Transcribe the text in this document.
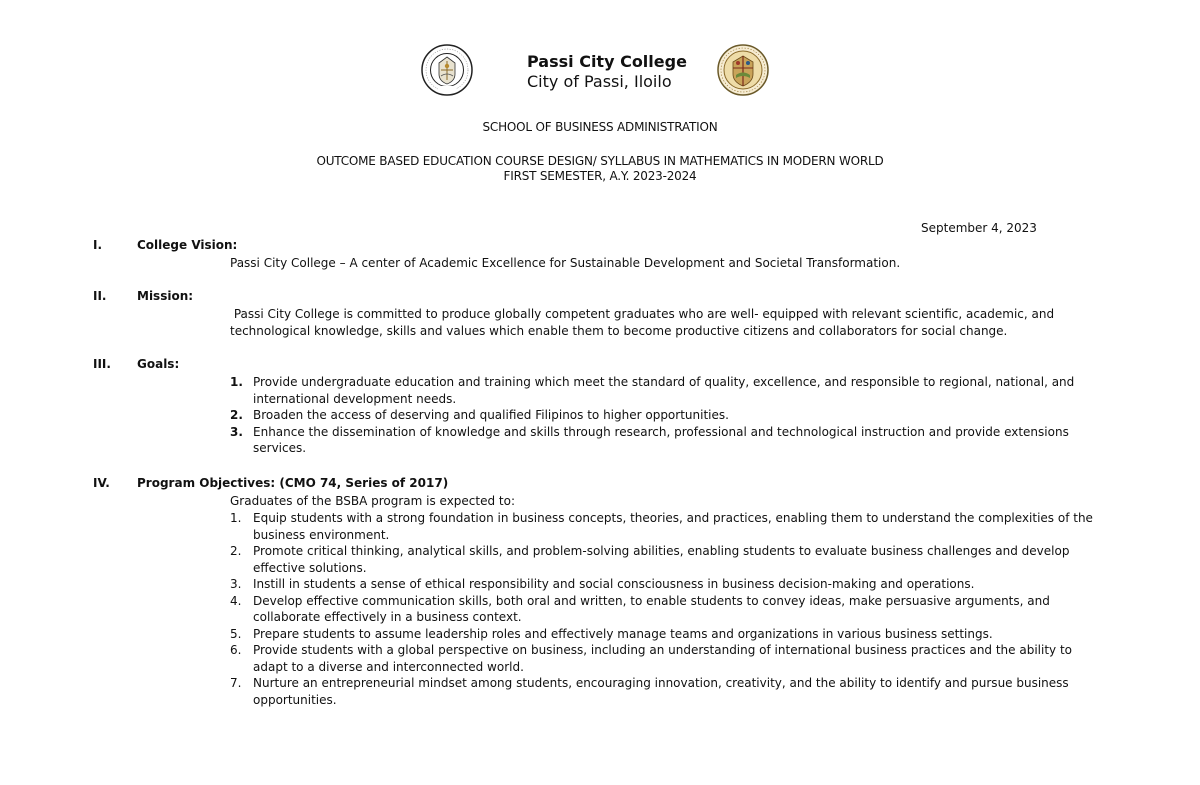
Passi City College
City of Passi, Iloilo
SCHOOL OF BUSINESS ADMINISTRATION
OUTCOME BASED EDUCATION COURSE DESIGN/ SYLLABUS IN MATHEMATICS IN MODERN WORLD
FIRST SEMESTER, A.Y. 2023-2024
September 4, 2023
I.	College Vision:
Passi City College – A center of Academic Excellence for Sustainable Development and Societal Transformation.
II.	Mission:
Passi City College is committed to produce globally competent graduates who are well- equipped with relevant scientific, academic, and technological knowledge, skills and values which enable them to become productive citizens and collaborators for social change.
III. Goals:
1. Provide undergraduate education and training which meet the standard of quality, excellence, and responsible to regional, national, and international development needs.
2. Broaden the access of deserving and qualified Filipinos to higher opportunities.
3. Enhance the dissemination of knowledge and skills through research, professional and technological instruction and provide extensions services.
IV. Program Objectives: (CMO 74, Series of 2017)
Graduates of the BSBA program is expected to:
1. Equip students with a strong foundation in business concepts, theories, and practices, enabling them to understand the complexities of the business environment.
2. Promote critical thinking, analytical skills, and problem-solving abilities, enabling students to evaluate business challenges and develop effective solutions.
3. Instill in students a sense of ethical responsibility and social consciousness in business decision-making and operations.
4. Develop effective communication skills, both oral and written, to enable students to convey ideas, make persuasive arguments, and collaborate effectively in a business context.
5. Prepare students to assume leadership roles and effectively manage teams and organizations in various business settings.
6. Provide students with a global perspective on business, including an understanding of international business practices and the ability to adapt to a diverse and interconnected world.
7. Nurture an entrepreneurial mindset among students, encouraging innovation, creativity, and the ability to identify and pursue business opportunities.
